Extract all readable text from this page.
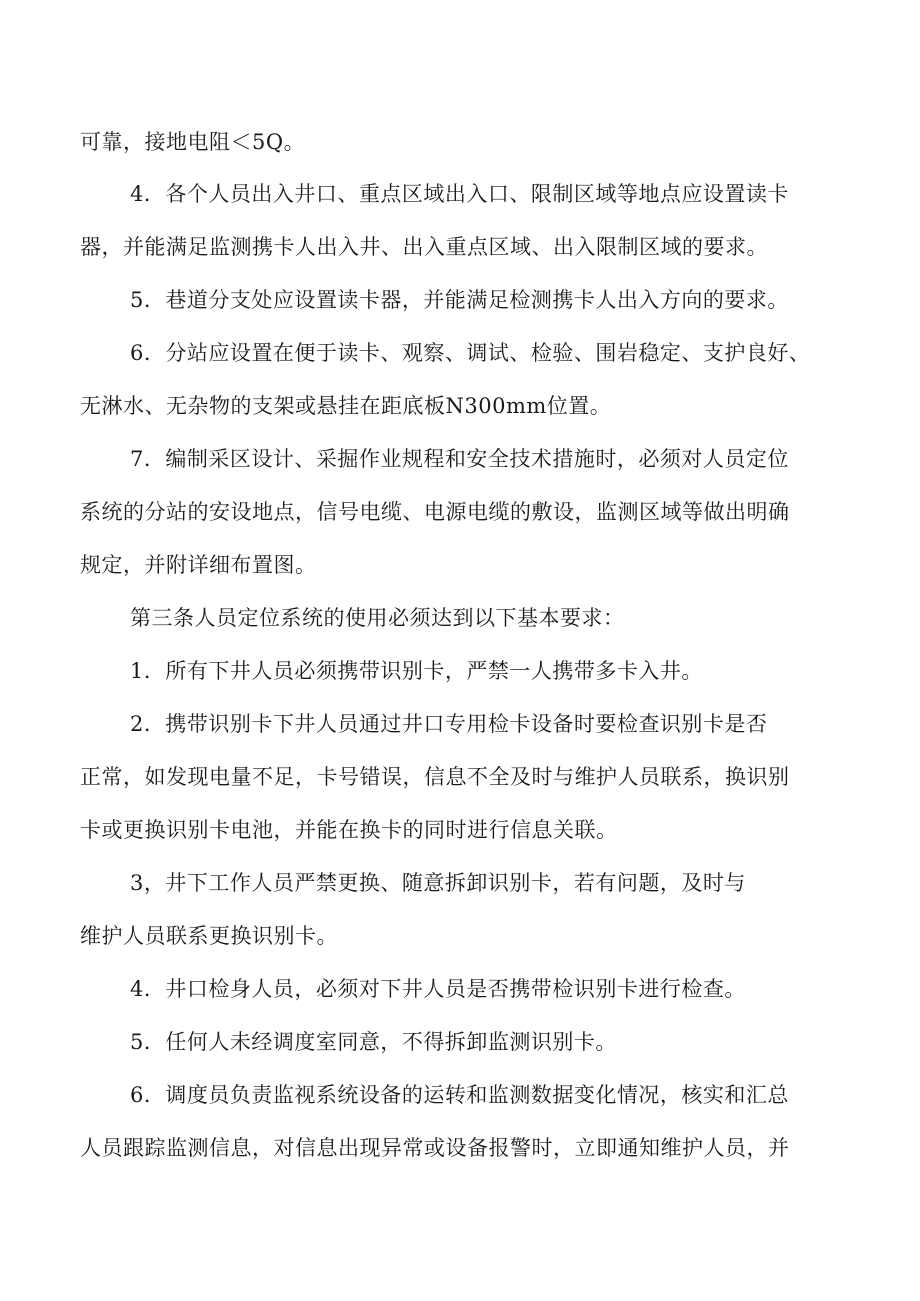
可靠，接地电阻＜5Q。
4．各个人员出入井口、重点区域出入口、限制区域等地点应设置读卡
器，并能满足监测携卡人出入井、出入重点区域、出入限制区域的要求。
5．巷道分支处应设置读卡器，并能满足检测携卡人出入方向的要求。
6．分站应设置在便于读卡、观察、调试、检验、围岩稳定、支护良好、
无淋水、无杂物的支架或悬挂在距底板N300mm位置。
7．编制采区设计、采掘作业规程和安全技术措施时，必须对人员定位
系统的分站的安设地点，信号电缆、电源电缆的敷设，监测区域等做出明确
规定，并附详细布置图。
第三条人员定位系统的使用必须达到以下基本要求：
1．所有下井人员必须携带识别卡，严禁一人携带多卡入井。
2．携带识别卡下井人员通过井口专用检卡设备时要检查识别卡是否
正常，如发现电量不足，卡号错误，信息不全及时与维护人员联系，换识别
卡或更换识别卡电池，并能在换卡的同时进行信息关联。
3，井下工作人员严禁更换、随意拆卸识别卡，若有问题，及时与
维护人员联系更换识别卡。
4．井口检身人员，必须对下井人员是否携带检识别卡进行检查。
5．任何人未经调度室同意，不得拆卸监测识别卡。
6．调度员负责监视系统设备的运转和监测数据变化情况，核实和汇总
人员跟踪监测信息，对信息出现异常或设备报警时，立即通知维护人员，并
